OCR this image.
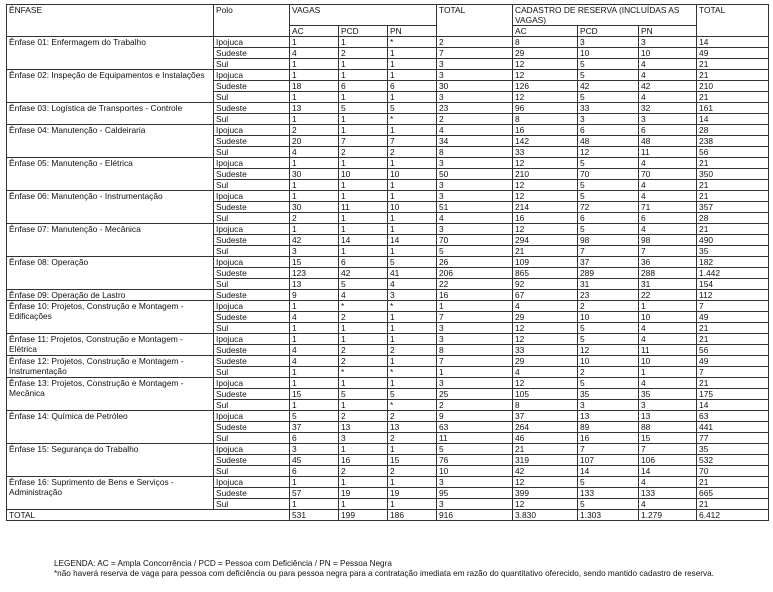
ÊNFASE	Polo	VAGAS			TOTAL	CADASTRO DE RESERVA (INCLUÍDAS AS VAGAS)			TOTAL
		AC	PCD	PN		AC	PCD	PN	
Ênfase 01: Enfermagem do Trabalho	Ipojuca	1	1	*	2	8	3	3	14
	Sudeste	4	2	1	7	29	10	10	49
	Sul	1	1	1	3	12	5	4	21
Ênfase 02: Inspeção de Equipamentos e Instalações	Ipojuca	1	1	1	3	12	5	4	21
	Sudeste	18	6	6	30	126	42	42	210
	Sul	1	1	1	3	12	5	4	21
Ênfase 03: Logística de Transportes - Controle	Sudeste	13	5	5	23	96	33	32	161
	Sul	1	1	*	2	8	3	3	14
Ênfase 04: Manutenção - Caldeiraria	Ipojuca	2	1	1	4	16	6	6	28
	Sudeste	20	7	7	34	142	48	48	238
	Sul	4	2	2	8	33	12	11	56
Ênfase 05: Manutenção - Elétrica	Ipojuca	1	1	1	3	12	5	4	21
	Sudeste	30	10	10	50	210	70	70	350
	Sul	1	1	1	3	12	5	4	21
Ênfase 06: Manutenção - Instrumentação	Ipojuca	1	1	1	3	12	5	4	21
	Sudeste	30	11	10	51	214	72	71	357
	Sul	2	1	1	4	16	6	6	28
Ênfase 07: Manutenção - Mecânica	Ipojuca	1	1	1	3	12	5	4	21
	Sudeste	42	14	14	70	294	98	98	490
	Sul	3	1	1	5	21	7	7	35
Ênfase 08: Operação	Ipojuca	15	6	5	26	109	37	36	182
	Sudeste	123	42	41	206	865	289	288	1.442
	Sul	13	5	4	22	92	31	31	154
Ênfase 09: Operação de Lastro	Sudeste	9	4	3	16	67	23	22	112
Ênfase 10: Projetos, Construção e Montagem - Edificações	Ipojuca	1	*	*	1	4	2	1	7
	Sudeste	4	2	1	7	29	10	10	49
	Sul	1	1	1	3	12	5	4	21
Ênfase 11: Projetos, Construção e Montagem - Elétrica	Ipojuca	1	1	1	3	12	5	4	21
	Sudeste	4	2	2	8	33	12	11	56
Ênfase 12: Projetos, Construção e Montagem - Instrumentação	Sudeste	4	2	1	7	29	10	10	49
	Sul	1	*	*	1	4	2	1	7
Ênfase 13: Projetos, Construção e Montagem - Mecânica	Ipojuca	1	1	1	3	12	5	4	21
	Sudeste	15	5	5	25	105	35	35	175
	Sul	1	1	*	2	8	3	3	14
Ênfase 14: Química de Petróleo	Ipojuca	5	2	2	9	37	13	13	63
	Sudeste	37	13	13	63	264	89	88	441
	Sul	6	3	2	11	46	16	15	77
Ênfase 15: Segurança do Trabalho	Ipojuca	3	1	1	5	21	7	7	35
	Sudeste	45	16	15	76	319	107	106	532
	Sul	6	2	2	10	42	14	14	70
Ênfase 16: Suprimento de Bens e Serviços - Administração	Ipojuca	1	1	1	3	12	5	4	21
	Sudeste	57	19	19	95	399	133	133	665
	Sul	1	1	1	3	12	5	4	21
TOTAL		531	199	186	916	3.830	1.303	1.279	6.412
LEGENDA: AC = Ampla Concorrência / PCD = Pessoa com Deficiência / PN = Pessoa Negra
*não haverá reserva de vaga para pessoa com deficiência ou para pessoa negra para a contratação imediata em razão do quantitativo oferecido, sendo mantido cadastro de reserva.
